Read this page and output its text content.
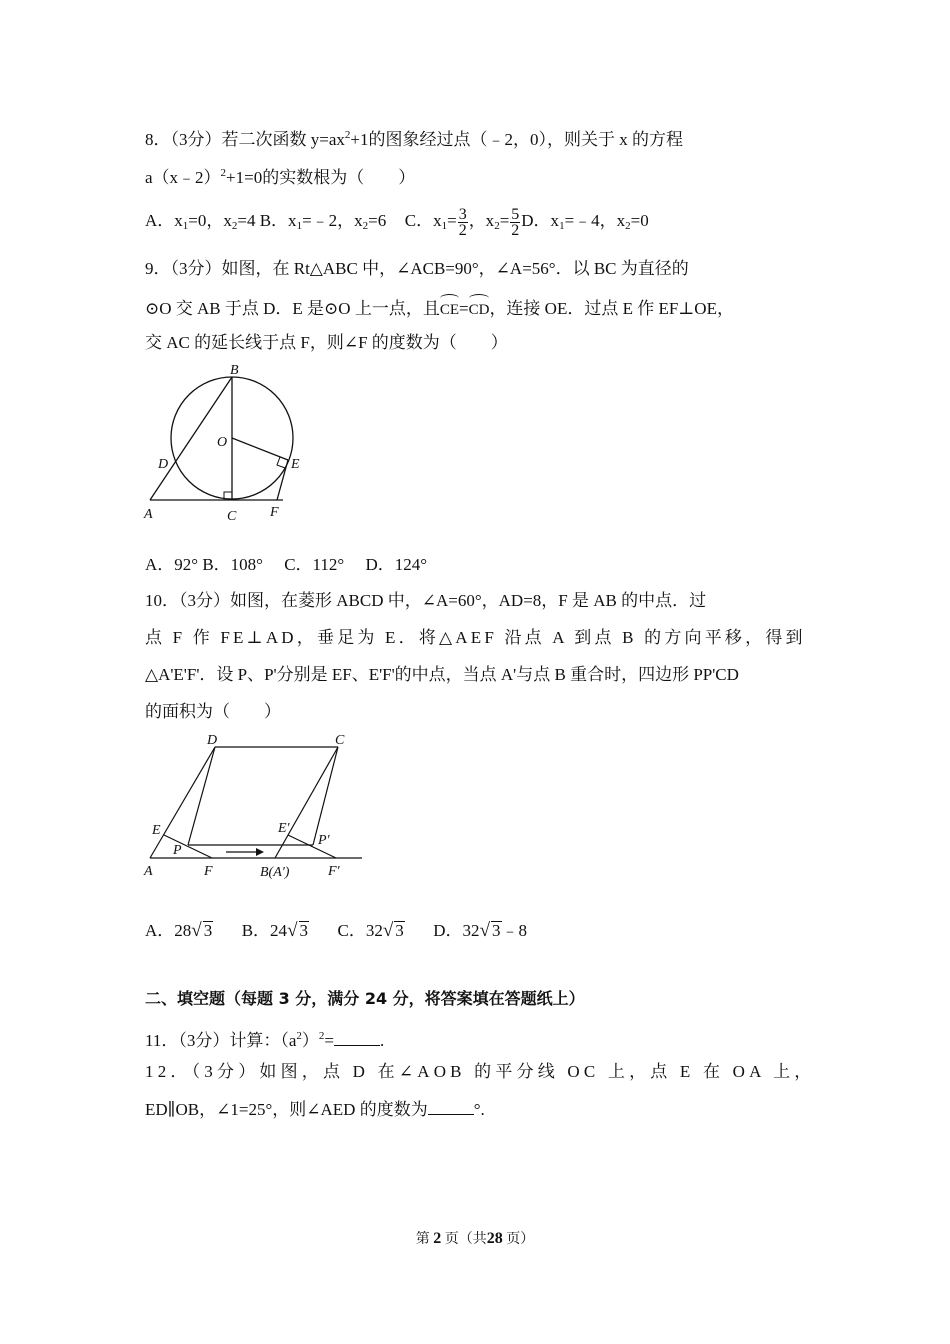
8．（3分）若二次函数 $y=ax^2+1$的图象经过点（﹣2，0），则关于 x 的方程
a（x﹣2）$^2$+1=0的实数根为（　　）
A．$x_1=0$，$x_2=4$ B．$x_1=﹣2$，$x_2=6$ C．$x_1= \frac{3}{2}$ ，$x_2= \frac{5}{2}$ D．$x_1=﹣4$，$x_2=0$
9．（3分）如图，在 Rt△ABC 中，∠ACB=90°，∠A=56°．以 BC 为直径的
⊙O 交 AB 于点 D．E 是⊙O 上一点，且CE=CD，连接 OE．过点 E 作 EF⊥OE，
交 AC 的延长线于点 F，则∠F 的度数为（　　）
B
O
D	E
A	C F
A．92° B．108°　 C．112°　 D．124°
10．（3分）如图，在菱形 ABCD 中，∠A=60°，AD=8，F 是 AB 的中点．过
点 F 作 FE⊥AD，垂足为 E．将△AEF 沿点 A 到点 B 的方向平移，得到
△A'E'F'．设 P、P'分别是 EF、E'F'的中点，当点 A'与点 B 重合时，四边形 PP'CD
的面积为（　　）
D	C
E	E'
P
P'
A	F	B(A')	F'
A．28√ 3 B．24√ 3 C．32√ 3 D．32√ 3﹣8
二、填空题（每题 3 分，满分 24 分，将答案填在答题纸上）
11．（3分）计算：$(a^2)^2=$	.
12．（3分）如图，点 D 在∠AOB 的平分线 OC 上，点 E 在 OA 上，
ED∥OB，∠1=25°，则∠AED 的度数为	°.
第 2 页（共28 页）
